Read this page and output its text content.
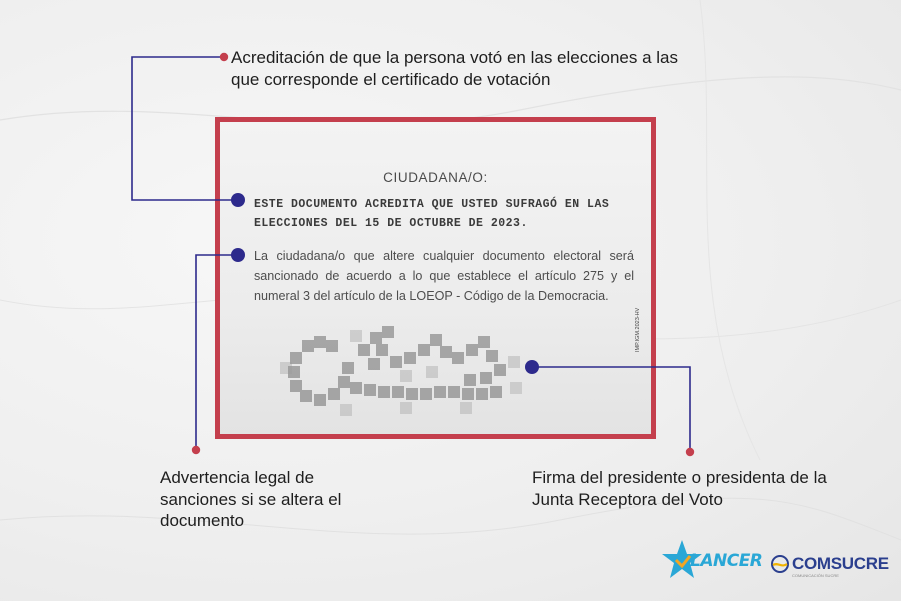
Acreditación de que la persona votó en las elecciones a las que corresponde el certificado de votación
CIUDADANA/O:
ESTE DOCUMENTO ACREDITA QUE USTED SUFRAGÓ EN LAS ELECCIONES DEL 15 DE OCTUBRE DE 2023.
La ciudadana/o que altere cualquier documento electoral será sancionado de acuerdo a lo que establece el artículo 275 y el numeral 3 del artículo de la LOEOP - Código de la Democracia.
IMP.IGM.2023-HV
Advertencia legal de sanciones si se altera el documento
Firma del presidente o presidenta de la Junta Receptora del Voto
LANCER COMSUCRE
COMUNICACIÓN SUCRE
